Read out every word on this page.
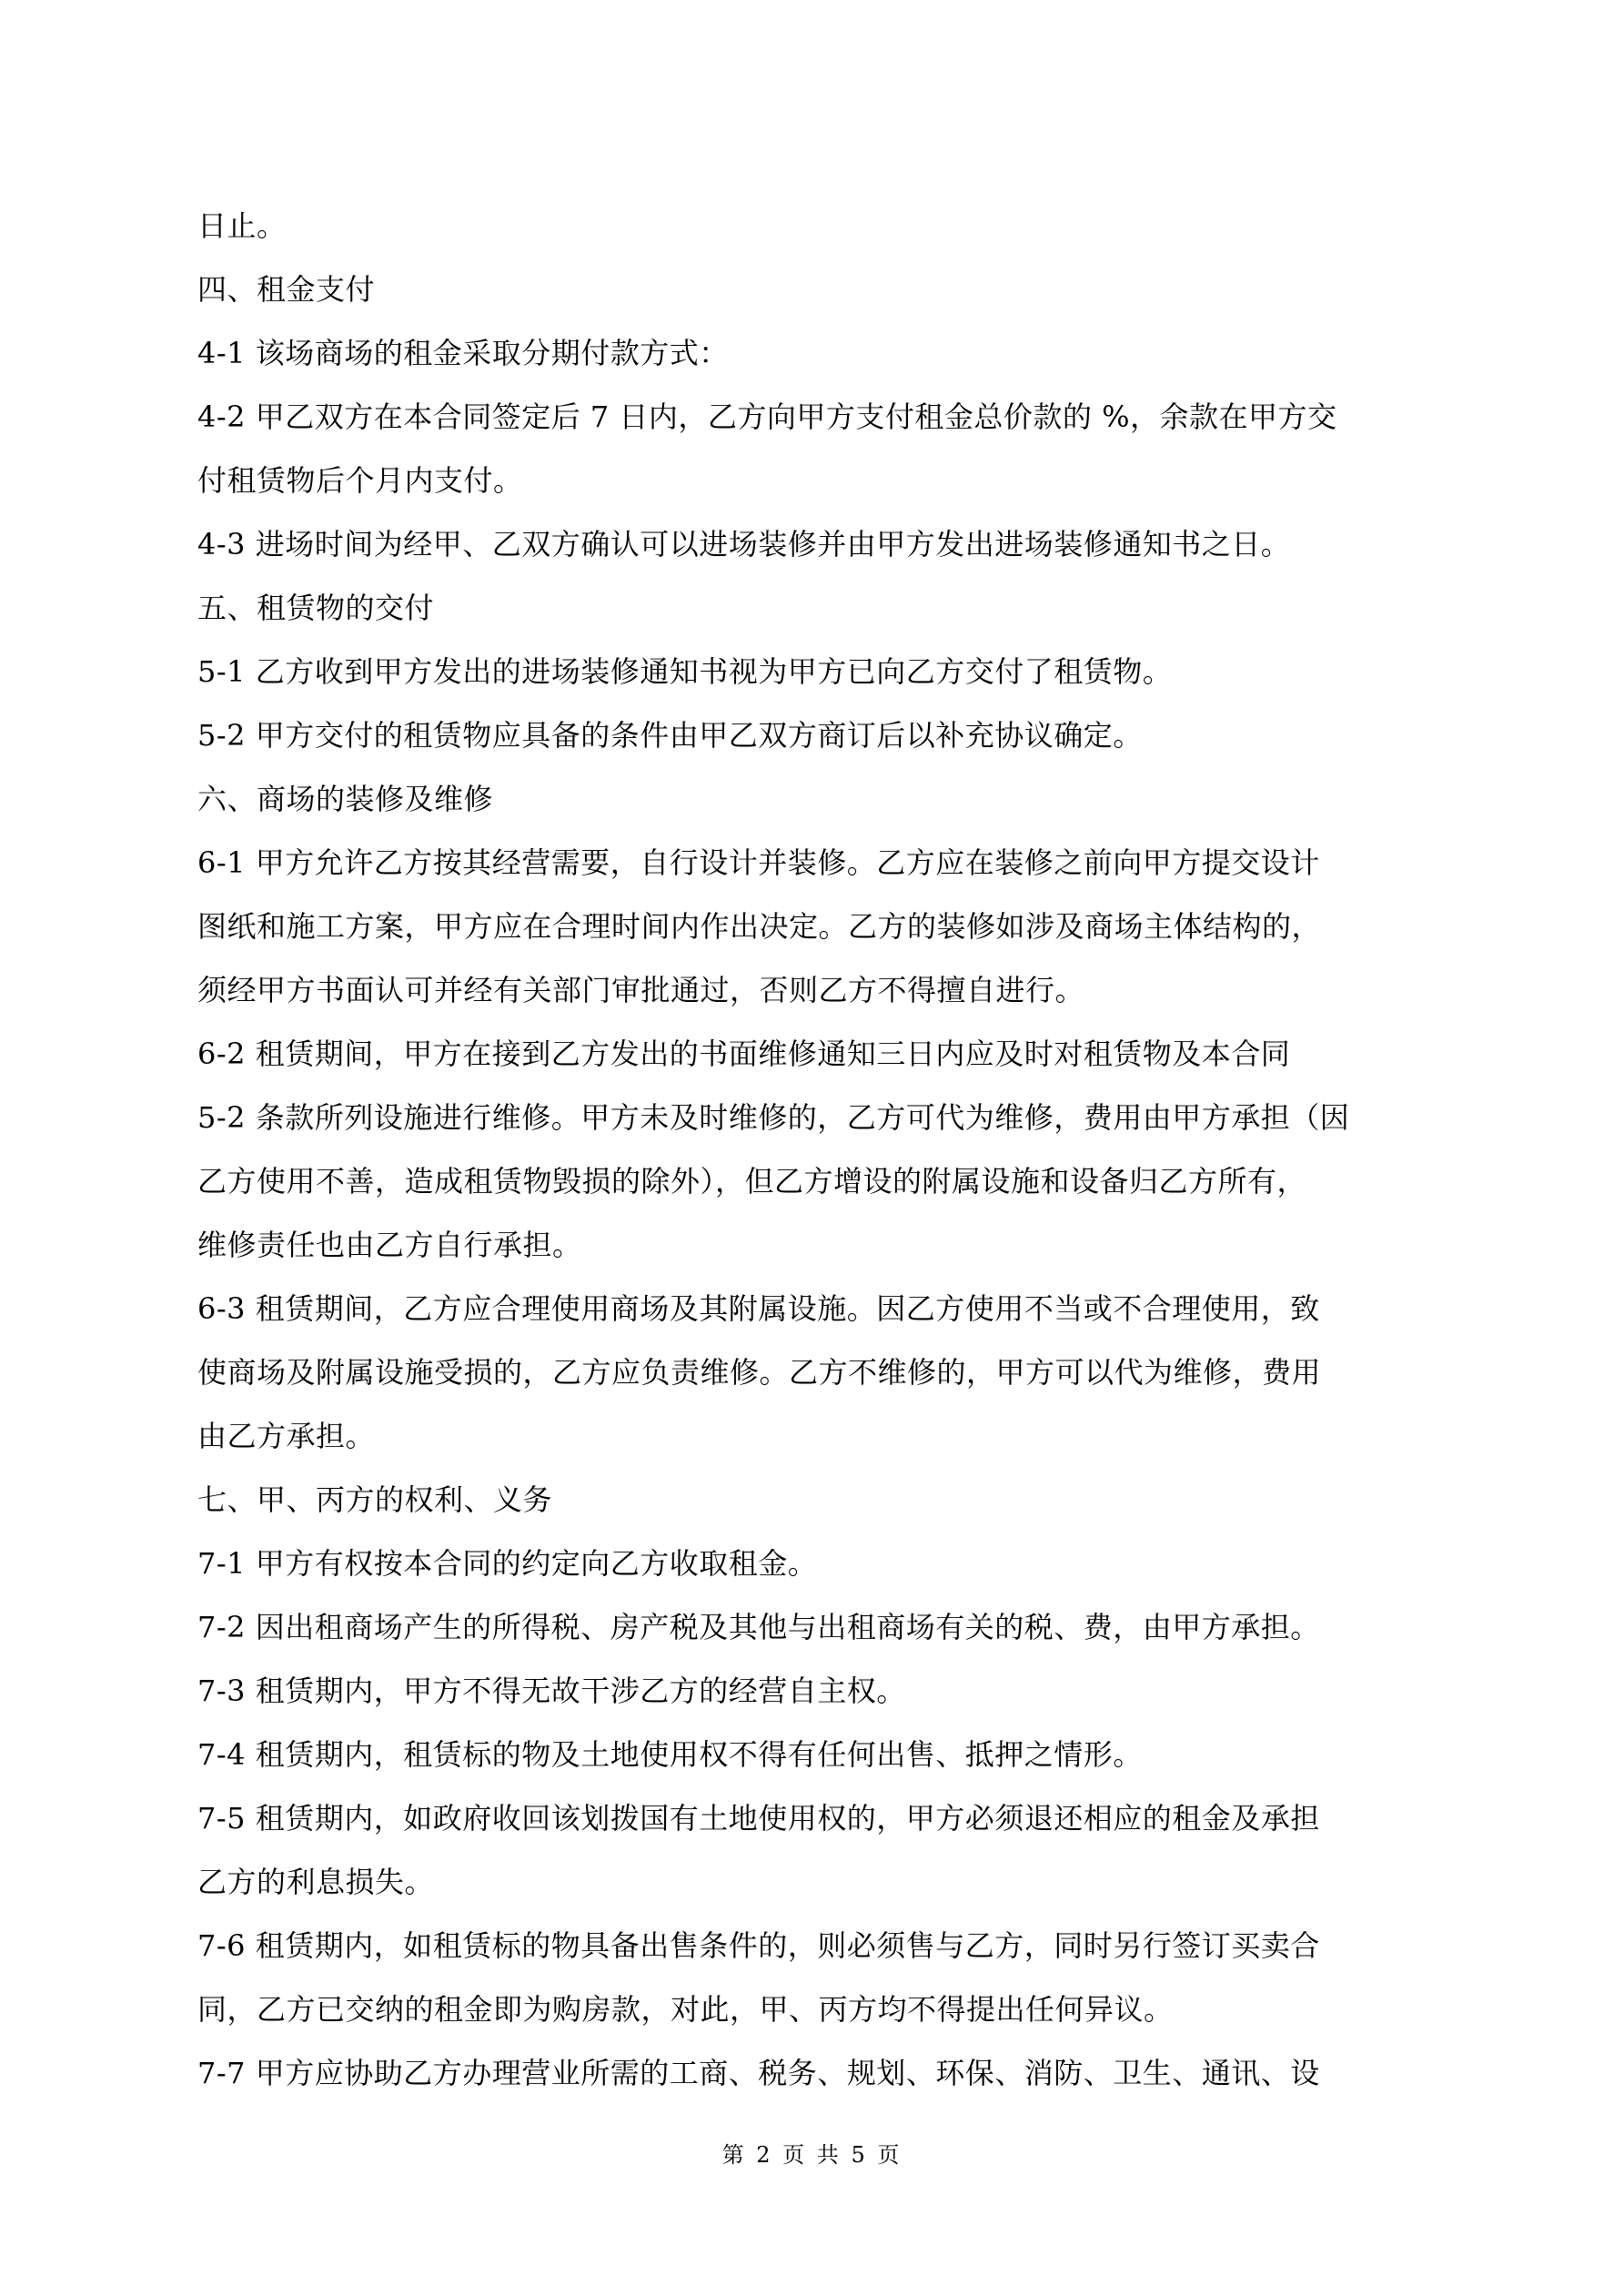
日止。
四、租金支付
4-1 该场商场的租金采取分期付款方式：
4-2 甲乙双方在本合同签定后 7 日内，乙方向甲方支付租金总价款的 %，余款在甲方交
付租赁物后个月内支付。
4-3 进场时间为经甲、乙双方确认可以进场装修并由甲方发出进场装修通知书之日。
五、租赁物的交付
5-1 乙方收到甲方发出的进场装修通知书视为甲方已向乙方交付了租赁物。
5-2 甲方交付的租赁物应具备的条件由甲乙双方商订后以补充协议确定。
六、商场的装修及维修
6-1 甲方允许乙方按其经营需要，自行设计并装修。乙方应在装修之前向甲方提交设计
图纸和施工方案，甲方应在合理时间内作出决定。乙方的装修如涉及商场主体结构的，
须经甲方书面认可并经有关部门审批通过，否则乙方不得擅自进行。
6-2 租赁期间，甲方在接到乙方发出的书面维修通知三日内应及时对租赁物及本合同
5-2 条款所列设施进行维修。甲方未及时维修的，乙方可代为维修，费用由甲方承担（因
乙方使用不善，造成租赁物毁损的除外），但乙方增设的附属设施和设备归乙方所有，
维修责任也由乙方自行承担。
6-3 租赁期间，乙方应合理使用商场及其附属设施。因乙方使用不当或不合理使用，致
使商场及附属设施受损的，乙方应负责维修。乙方不维修的，甲方可以代为维修，费用
由乙方承担。
七、甲、丙方的权利、义务
7-1 甲方有权按本合同的约定向乙方收取租金。
7-2 因出租商场产生的所得税、房产税及其他与出租商场有关的税、费，由甲方承担。
7-3 租赁期内，甲方不得无故干涉乙方的经营自主权。
7-4 租赁期内，租赁标的物及土地使用权不得有任何出售、抵押之情形。
7-5 租赁期内，如政府收回该划拨国有土地使用权的，甲方必须退还相应的租金及承担
乙方的利息损失。
7-6 租赁期内，如租赁标的物具备出售条件的，则必须售与乙方，同时另行签订买卖合
同，乙方已交纳的租金即为购房款，对此，甲、丙方均不得提出任何异议。
7-7 甲方应协助乙方办理营业所需的工商、税务、规划、环保、消防、卫生、通讯、设
第 2 页 共 5 页
